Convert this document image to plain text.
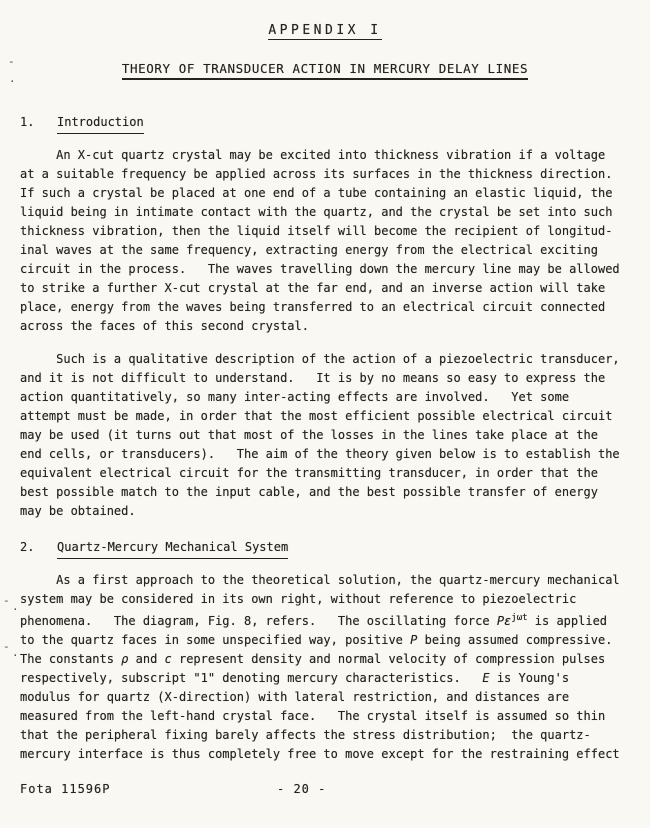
APPENDIX I
THEORY OF TRANSDUCER ACTION IN MERCURY DELAY LINES
1.	Introduction
An X-cut quartz crystal may be excited into thickness vibration if a voltage
at a suitable frequency be applied across its surfaces in the thickness direction.
If such a crystal be placed at one end of a tube containing an elastic liquid, the
liquid being in intimate contact with the quartz, and the crystal be set into such
thickness vibration, then the liquid itself will become the recipient of longitud-
inal waves at the same frequency, extracting energy from the electrical exciting
circuit in the process.   The waves travelling down the mercury line may be allowed
to strike a further X-cut crystal at the far end, and an inverse action will take
place, energy from the waves being transferred to an electrical circuit connected
across the faces of this second crystal.
Such is a qualitative description of the action of a piezoelectric transducer,
and it is not difficult to understand.   It is by no means so easy to express the
action quantitatively, so many inter-acting effects are involved.   Yet some
attempt must be made, in order that the most efficient possible electrical circuit
may be used (it turns out that most of the losses in the lines take place at the
end cells, or transducers).   The aim of the theory given below is to establish the
equivalent electrical circuit for the transmitting transducer, in order that the
best possible match to the input cable, and the best possible transfer of energy
may be obtained.
2.	Quartz-Mercury Mechanical System
As a first approach to the theoretical solution, the quartz-mercury mechanical
system may be considered in its own right, without reference to piezoelectric
phenomena.   The diagram, Fig. 8, refers.   The oscillating force $P\varepsilon^{j\omega t}$ is applied
to the quartz faces in some unspecified way, positive P being assumed compressive.
The constants ρ and c represent density and normal velocity of compression pulses
respectively, subscript "1" denoting mercury characteristics.   E is Young's
modulus for quartz (X-direction) with lateral restriction, and distances are
measured from the left-hand crystal face.   The crystal itself is assumed so thin
that the peripheral fixing barely affects the stress distribution;  the quartz-
mercury interface is thus completely free to move except for the restraining effect
Fota 11596P	- 20 -
-
.
- .
- .
